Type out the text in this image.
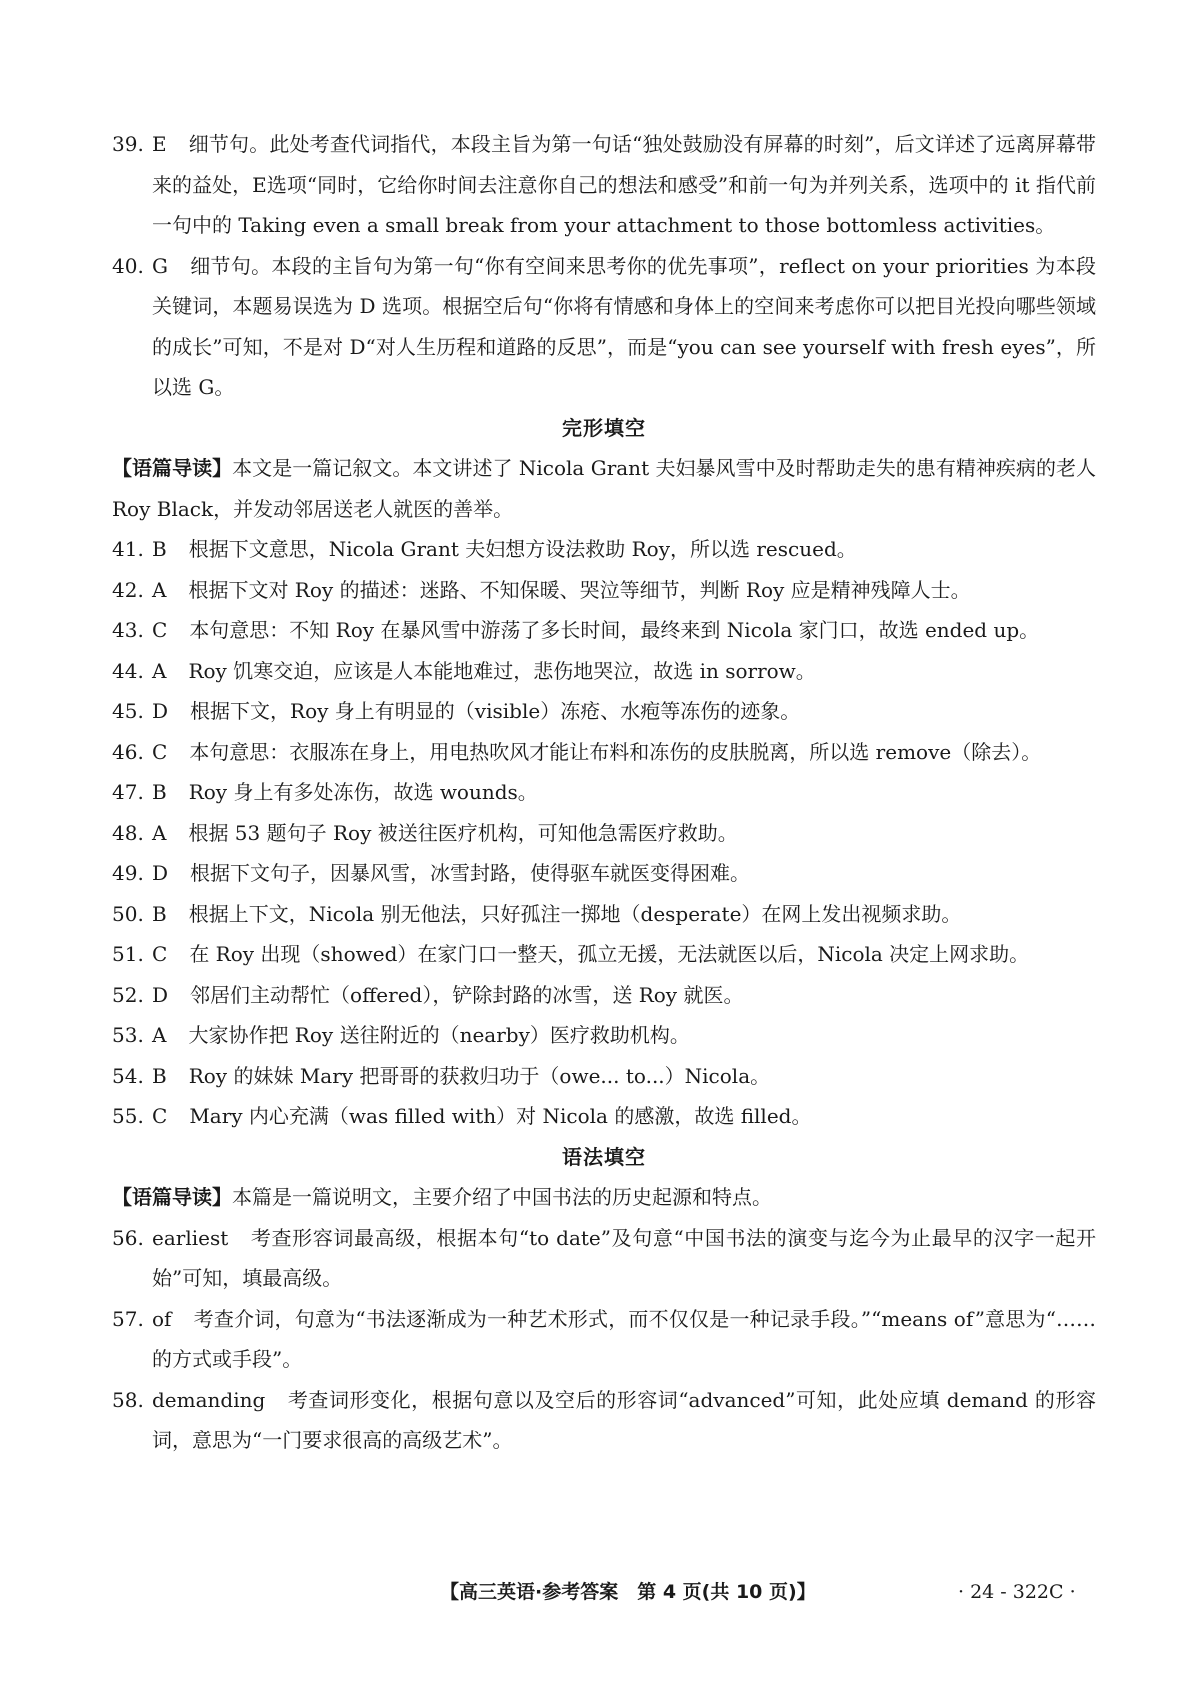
39. E 细节句。此处考查代词指代，本段主旨为第一句话“独处鼓励没有屏幕的时刻”，后文详述了远离屏幕带来的益处，E选项“同时，它给你时间去注意你自己的想法和感受”和前一句为并列关系，选项中的 it 指代前一句中的 Taking even a small break from your attachment to those bottomless activities。
40. G 细节句。本段的主旨句为第一句“你有空间来思考你的优先事项”，reflect on your priorities 为本段关键词，本题易误选为 D 选项。根据空后句“你将有情感和身体上的空间来考虑你可以把目光投向哪些领域的成长”可知，不是对 D“对人生历程和道路的反思”，而是“you can see yourself with fresh eyes”，所以选 G。
完形填空
【语篇导读】本文是一篇记叙文。本文讲述了 Nicola Grant 夫妇暴风雪中及时帮助走失的患有精神疾病的老人 Roy Black，并发动邻居送老人就医的善举。
41. B 根据下文意思，Nicola Grant 夫妇想方设法救助 Roy，所以选 rescued。
42. A 根据下文对 Roy 的描述：迷路、不知保暖、哭泣等细节，判断 Roy 应是精神残障人士。
43. C 本句意思：不知 Roy 在暴风雪中游荡了多长时间，最终来到 Nicola 家门口，故选 ended up。
44. A Roy 饥寒交迫，应该是人本能地难过，悲伤地哭泣，故选 in sorrow。
45. D 根据下文，Roy 身上有明显的（visible）冻疮、水疱等冻伤的迹象。
46. C 本句意思：衣服冻在身上，用电热吹风才能让布料和冻伤的皮肤脱离，所以选 remove（除去）。
47. B Roy 身上有多处冻伤，故选 wounds。
48. A 根据 53 题句子 Roy 被送往医疗机构，可知他急需医疗救助。
49. D 根据下文句子，因暴风雪，冰雪封路，使得驱车就医变得困难。
50. B 根据上下文，Nicola 别无他法，只好孤注一掷地（desperate）在网上发出视频求助。
51. C 在 Roy 出现（showed）在家门口一整天，孤立无援，无法就医以后，Nicola 决定上网求助。
52. D 邻居们主动帮忙（offered），铲除封路的冰雪，送 Roy 就医。
53. A 大家协作把 Roy 送往附近的（nearby）医疗救助机构。
54. B Roy 的妹妹 Mary 把哥哥的获救归功于（owe... to...）Nicola。
55. C Mary 内心充满（was filled with）对 Nicola 的感激，故选 filled。
语法填空
【语篇导读】本篇是一篇说明文，主要介绍了中国书法的历史起源和特点。
56. earliest 考查形容词最高级，根据本句“to date”及句意“中国书法的演变与迄今为止最早的汉字一起开始”可知，填最高级。
57. of 考查介词，句意为“书法逐渐成为一种艺术形式，而不仅仅是一种记录手段。”“means of”意思为“……的方式或手段”。
58. demanding 考查词形变化，根据句意以及空后的形容词“advanced”可知，此处应填 demand 的形容词，意思为“一门要求很高的高级艺术”。
【高三英语·参考答案　第 4 页(共 10 页)】	· 24 - 322C ·
